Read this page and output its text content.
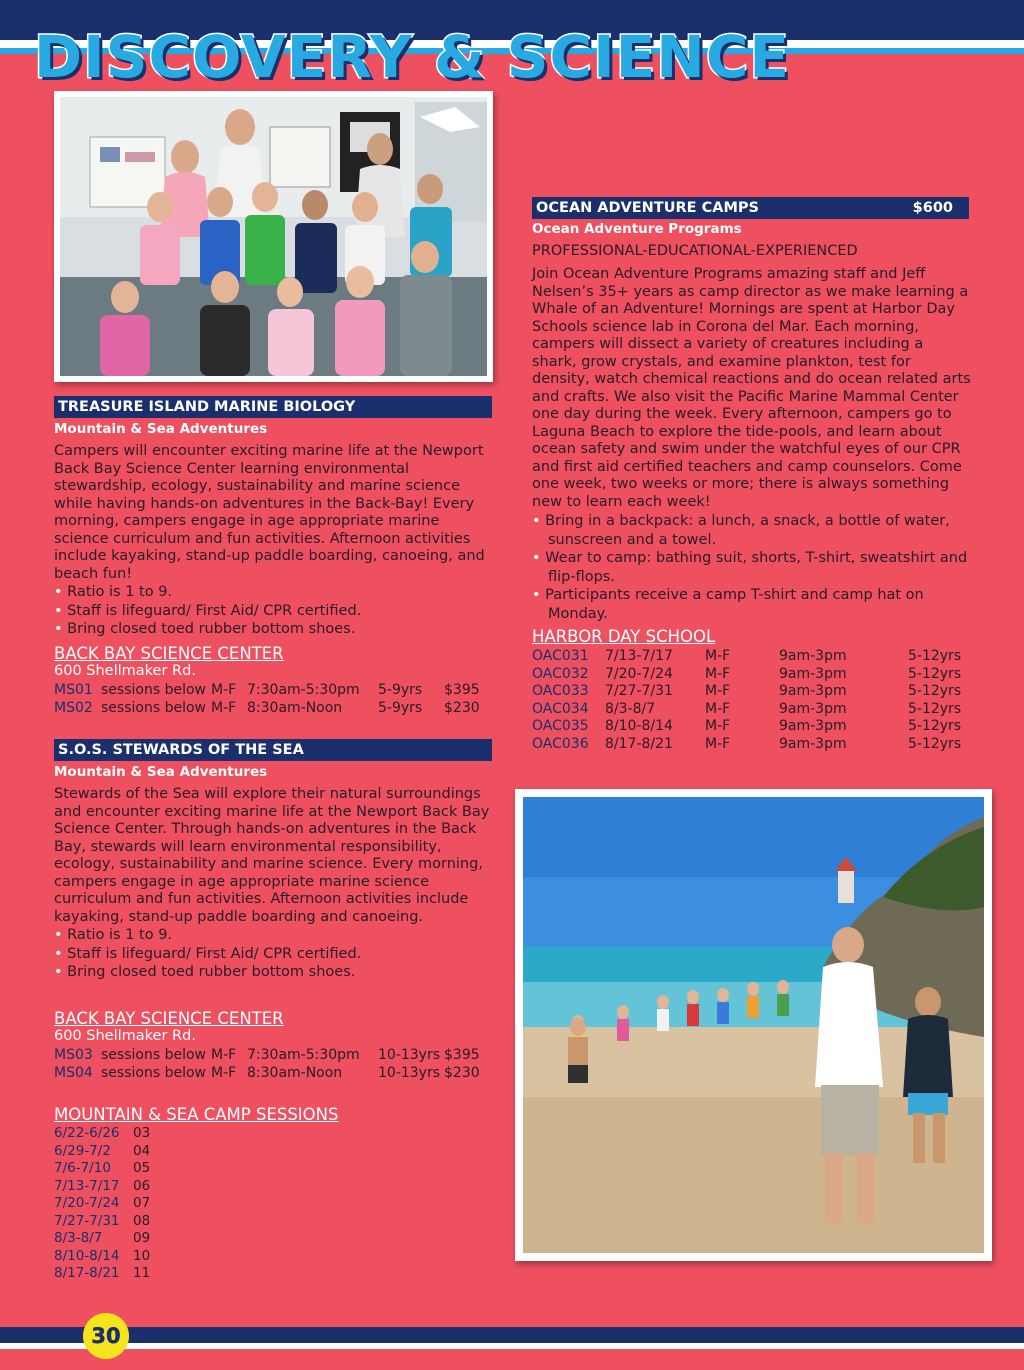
DISCOVERY & SCIENCE
TREASURE ISLAND MARINE BIOLOGY
Mountain & Sea Adventures
Campers will encounter exciting marine life at the Newport Back Bay Science Center learning environmental stewardship, ecology, sustainability and marine science while having hands-on adventures in the Back-Bay! Every morning, campers engage in age appropriate marine science curriculum and fun activities. Afternoon activities include kayaking, stand-up paddle boarding, canoeing, and beach fun!
• Ratio is 1 to 9.
• Staff is lifeguard/ First Aid/ CPR certified.
• Bring closed toed rubber bottom shoes.
BACK BAY SCIENCE CENTER
600 Shellmaker Rd.
MS01 sessions below M-F 7:30am-5:30pm 5-9yrs $395
MS02 sessions below M-F 8:30am-Noon	5-9yrs $230
S.O.S. STEWARDS OF THE SEA
Mountain & Sea Adventures
Stewards of the Sea will explore their natural surroundings and encounter exciting marine life at the Newport Back Bay Science Center. Through hands-on adventures in the Back Bay, stewards will learn environmental responsibility, ecology, sustainability and marine science. Every morning, campers engage in age appropriate marine science curriculum and fun activities. Afternoon activities include kayaking, stand-up paddle boarding and canoeing.
• Ratio is 1 to 9.
• Staff is lifeguard/ First Aid/ CPR certified.
• Bring closed toed rubber bottom shoes.
BACK BAY SCIENCE CENTER
600 Shellmaker Rd.
MS03 sessions below M-F 7:30am-5:30pm 10-13yrs $395
MS04 sessions below M-F 8:30am-Noon	10-13yrs $230
MOUNTAIN & SEA CAMP SESSIONS
6/22-6/26 03
6/29-7/2 04
7/6-7/10 05
7/13-7/17 06
7/20-7/24 07
7/27-7/31 08
8/3-8/7 09
8/10-8/14 10
8/17-8/21 11
OCEAN ADVENTURE CAMPS	$600
Ocean Adventure Programs
PROFESSIONAL-EDUCATIONAL-EXPERIENCED
Join Ocean Adventure Programs amazing staff and Jeff Nelsen’s 35+ years as camp director as we make learning a Whale of an Adventure! Mornings are spent at Harbor Day Schools science lab in Corona del Mar. Each morning, campers will dissect a variety of creatures including a shark, grow crystals, and examine plankton, test for density, watch chemical reactions and do ocean related arts and crafts. We also visit the Pacific Marine Mammal Center one day during the week. Every afternoon, campers go to Laguna Beach to explore the tide-pools, and learn about ocean safety and swim under the watchful eyes of our CPR and first aid certified teachers and camp counselors. Come one week, two weeks or more; there is always something new to learn each week!
• Bring in a backpack: a lunch, a snack, a bottle of water, sunscreen and a towel.
• Wear to camp: bathing suit, shorts, T-shirt, sweatshirt and flip-flops.
• Participants receive a camp T-shirt and camp hat on Monday.
HARBOR DAY SCHOOL
OAC031 7/13-7/17 M-F	9am-3pm	5-12yrs
OAC032 7/20-7/24 M-F	9am-3pm	5-12yrs
OAC033 7/27-7/31 M-F	9am-3pm	5-12yrs
OAC034 8/3-8/7	M-F	9am-3pm	5-12yrs
OAC035 8/10-8/14 M-F	9am-3pm	5-12yrs
OAC036 8/17-8/21 M-F	9am-3pm	5-12yrs
30
